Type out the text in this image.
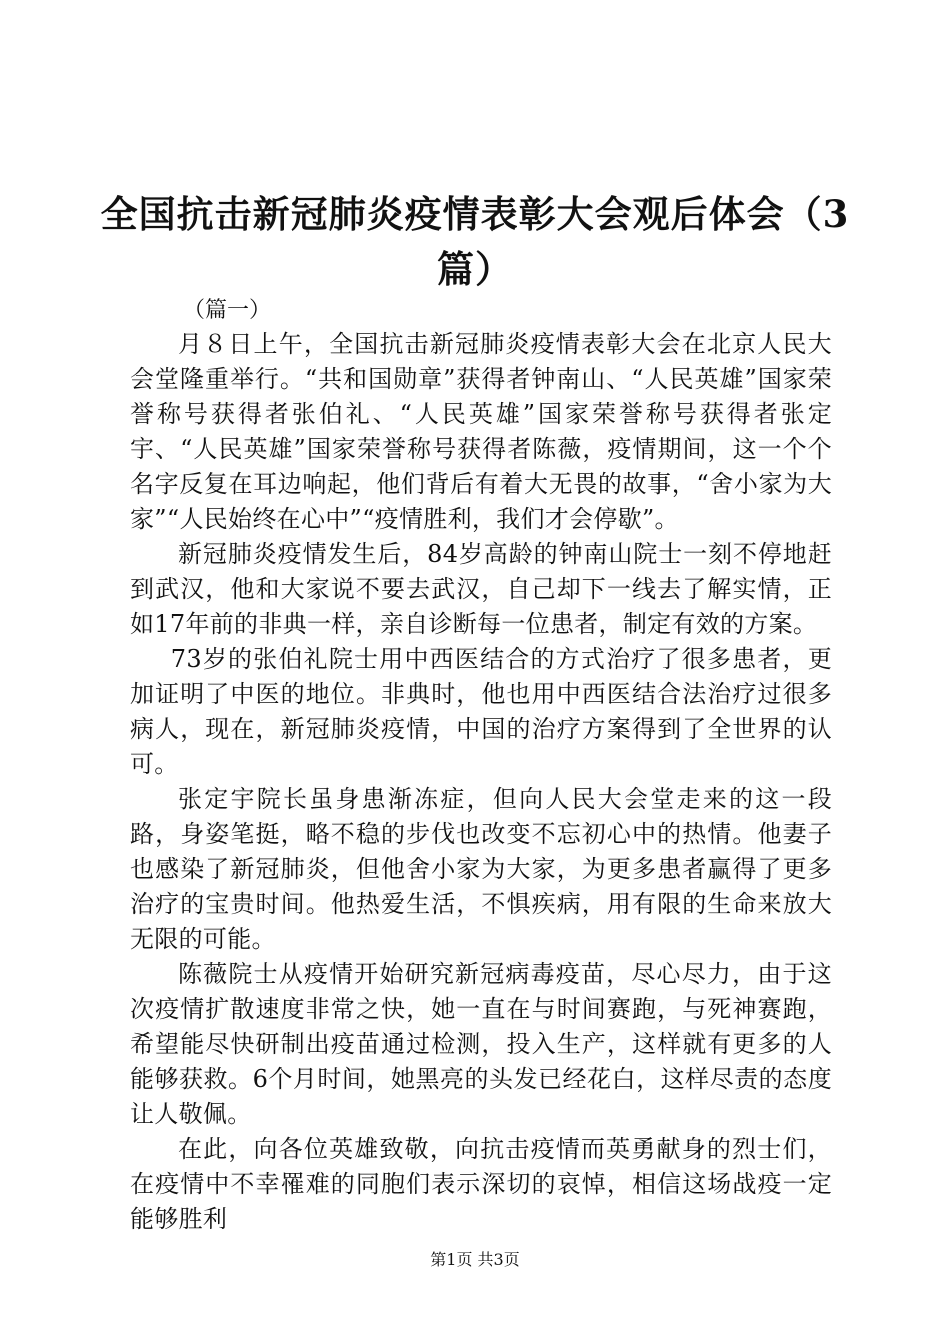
全国抗击新冠肺炎疫情表彰大会观后体会（3
篇）

（篇一）

月８日上午，全国抗击新冠肺炎疫情表彰大会在北京人民大会堂隆重举行。“共和国勋章”获得者钟南山、“人民英雄”国家荣誉称号获得者张伯礼、“人民英雄”国家荣誉称号获得者张定宇、“人民英雄”国家荣誉称号获得者陈薇，疫情期间，这一个个名字反复在耳边响起，他们背后有着大无畏的故事，“舍小家为大家”“人民始终在心中”“疫情胜利，我们才会停歇”。

新冠肺炎疫情发生后，84岁高龄的钟南山院士一刻不停地赶到武汉，他和大家说不要去武汉，自己却下一线去了解实情，正如17年前的非典一样，亲自诊断每一位患者，制定有效的方案。

73岁的张伯礼院士用中西医结合的方式治疗了很多患者，更加证明了中医的地位。非典时，他也用中西医结合法治疗过很多病人，现在，新冠肺炎疫情，中国的治疗方案得到了全世界的认可。

张定宇院长虽身患渐冻症，但向人民大会堂走来的这一段路，身姿笔挺，略不稳的步伐也改变不忘初心中的热情。他妻子也感染了新冠肺炎，但他舍小家为大家，为更多患者赢得了更多治疗的宝贵时间。他热爱生活，不惧疾病，用有限的生命来放大无限的可能。

陈薇院士从疫情开始研究新冠病毒疫苗，尽心尽力，由于这次疫情扩散速度非常之快，她一直在与时间赛跑，与死神赛跑，希望能尽快研制出疫苗通过检测，投入生产，这样就有更多的人能够获救。6个月时间，她黑亮的头发已经花白，这样尽责的态度让人敬佩。

在此，向各位英雄致敬，向抗击疫情而英勇献身的烈士们，在疫情中不幸罹难的同胞们表示深切的哀悼，相信这场战疫一定能够胜利

第1页 共3页
